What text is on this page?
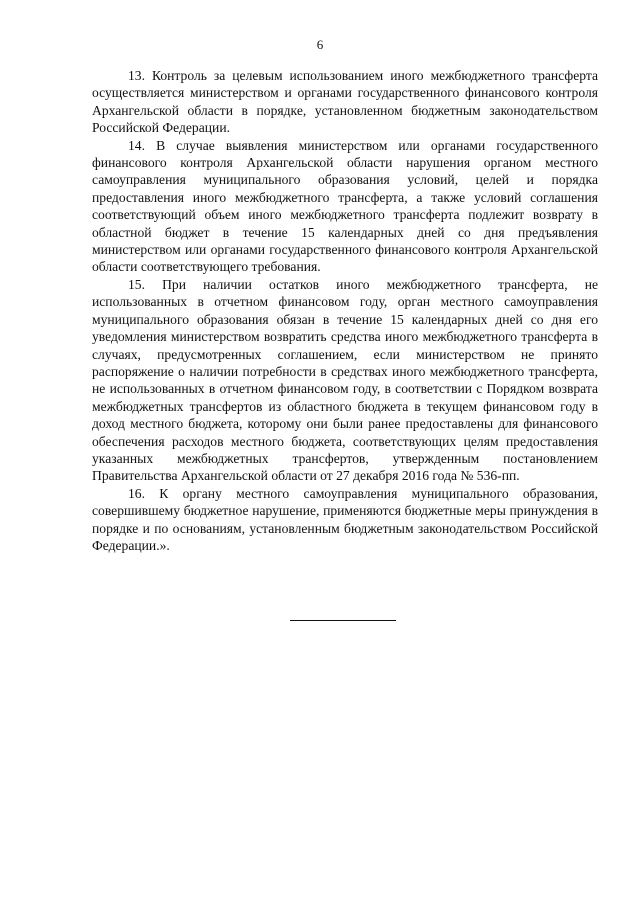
6

13. Контроль за целевым использованием иного межбюджетного трансферта осуществляется министерством и органами государственного финансового контроля Архангельской области в порядке, установленном бюджетным законодательством Российской Федерации.

14. В случае выявления министерством или органами государственного финансового контроля Архангельской области нарушения органом местного самоуправления муниципального образования условий, целей и порядка предоставления иного межбюджетного трансферта, а также условий соглашения соответствующий объем иного межбюджетного трансферта подлежит возврату в областной бюджет в течение 15 календарных дней со дня предъявления министерством или органами государственного финансового контроля Архангельской области соответствующего требования.

15. При наличии остатков иного межбюджетного трансферта, не использованных в отчетном финансовом году, орган местного самоуправления муниципального образования обязан в течение 15 календарных дней со дня его уведомления министерством возвратить средства иного межбюджетного трансферта в случаях, предусмотренных соглашением, если министерством не принято распоряжение о наличии потребности в средствах иного межбюджетного трансферта, не использованных в отчетном финансовом году, в соответствии с Порядком возврата межбюджетных трансфертов из областного бюджета в текущем финансовом году в доход местного бюджета, которому они были ранее предоставлены для финансового обеспечения расходов местного бюджета, соответствующих целям предоставления указанных межбюджетных трансфертов, утвержденным постановлением Правительства Архангельской области от 27 декабря 2016 года № 536-пп.

16. К органу местного самоуправления муниципального образования, совершившему бюджетное нарушение, применяются бюджетные меры принуждения в порядке и по основаниям, установленным бюджетным законодательством Российской Федерации.».
